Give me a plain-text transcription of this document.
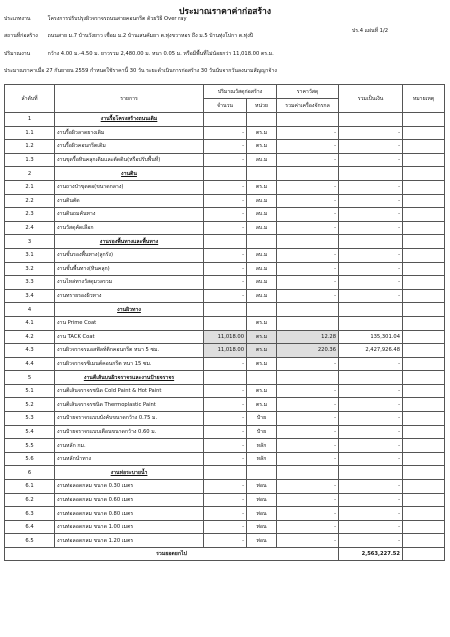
ประมาณราคาค่าก่อสร้าง
ประเภทงาน	โครงการปรับปรุงผิวจราจรถนนสายคอนกรีต ด้วยวิธี Over ray
ปร.4 แผ่นที่ 1/2
สถานที่ก่อสร้าง ถนนสาย ม.7 บ้านวังยาว เชื่อม ม.2 บ้านเสนคัมยา ต.ทุ่งขวาหอร ถึง ม.5 บ้านทุ่งโปกา ต.ทุ่งปี
ปริมาณงาน	กว้าง 4.00 ม.-4.50 ม. ยาวรวม 2,480.00 ม. หนา 0.05 ม. หรือมีพื้นที่ไม่น้อยกว่า 11,018.00 ตร.ม.
ประมาณราคาเมื่อ 27 กันยายน 2559 กำหนดใช้ราคานี้ 30 วัน ระยะดำเนินการก่อสร้าง 30 วันนับจากวันลงนามสัญญาจ้าง
ลำดับที่	รายการ	ปริมาณวัสดุก่อสร้าง		ราคาวัสดุ	รวมเป็นเงิน	หมายเหตุ
		จำนวน	หน่วย	รวมค่าเครื่องจักรกล		
1	งานรื้อโครงสร้างถนนเดิม					
1.1	งานรื้อผิวลาดยางเดิม	-	ตร.ม	-	-	
1.2	งานรื้อผิวคอนกรีตเดิม	-	ตร.ม	-	-	
1.3	งานขุดรื้อหินคลุกเดิมและตัดดิน(หรือปรับพื้นที่)	-	ลบ.ม	-	-	
2	งานดิน					
2.1	งานถางป่าขุดตอ(ขนาดกลาง)	-	ตร.ม	-	-	
2.2	งานดินตัด	-	ลบ.ม	-	-	
2.3	งานดินถมคันทาง	-	ลบ.ม	-	-	
2.4	งานวัสดุคัดเลือก	-	ลบ.ม	-	-	
3	งานรองพื้นทางและพื้นทาง					
3.1	งานชั้นรองพื้นทาง(ลูกรัง)	-	ลบ.ม	-	-	
3.2	งานชั้นพื้นทาง(หินคลุก)	-	ลบ.ม	-	-	
3.3	งานไหล่ทางวัสดุมวลรวม	-	ลบ.ม	-	-	
3.4	งานทรายรองผิวทาง	-	ลบ.ม	-	-	
4	งานผิวทาง					
4.1	งาน Prime Coat		ตร.ม			
4.2	งาน TACK Coat	11,018.00	ตร.ม	12.28	135,301.04	
4.3	งานผิวจราจรแอสฟัลท์ติกคอนกรีต หนา 5 ซม.	11,018.00	ตร.ม	220.36	2,427,926.48	
4.4	งานผิวจราจรซีเมนต์คอนกรีต หนา 15 ซม.	-	ตร.ม	-	-	
5	งานตีเส้นบนผิวจราจรและงานป้ายจราจร					
5.1	งานตีเส้นจราจรชนิด Cold Paint & Hot Paint	-	ตร.ม	-	-	
5.2	งานตีเส้นจราจรชนิด Thermoplastic Paint	-	ตร.ม	-	-	
5.3	งานป้ายจราจรแบบบังคับขนาดกว้าง 0.75 ม.	-	ป้าย	-	-	
5.4	งานป้ายจราจรแบบเตือนขนาดกว้าง 0.60 ม.	-	ป้าย	-	-	
5.5	งานหลัก กม.	-	หลัก	-	-	
5.6	งานหลักนำทาง	-	หลัก	-	-	
6	งานท่อระบายน้ำ					
6.1	งานท่อลอดกลม ขนาด 0.30 เมตร	-	ท่อน	-	-	
6.2	งานท่อลอดกลม ขนาด 0.60 เมตร	-	ท่อน	-	-	
6.3	งานท่อลอดกลม ขนาด 0.80 เมตร	-	ท่อน	-	-	
6.4	งานท่อลอดกลม ขนาด 1.00 เมตร	-	ท่อน	-	-	
6.5	งานท่อลอดกลม ขนาด 1.20 เมตร	-	ท่อน	-	-	
รวมยอดยกไป					2,563,227.52	
